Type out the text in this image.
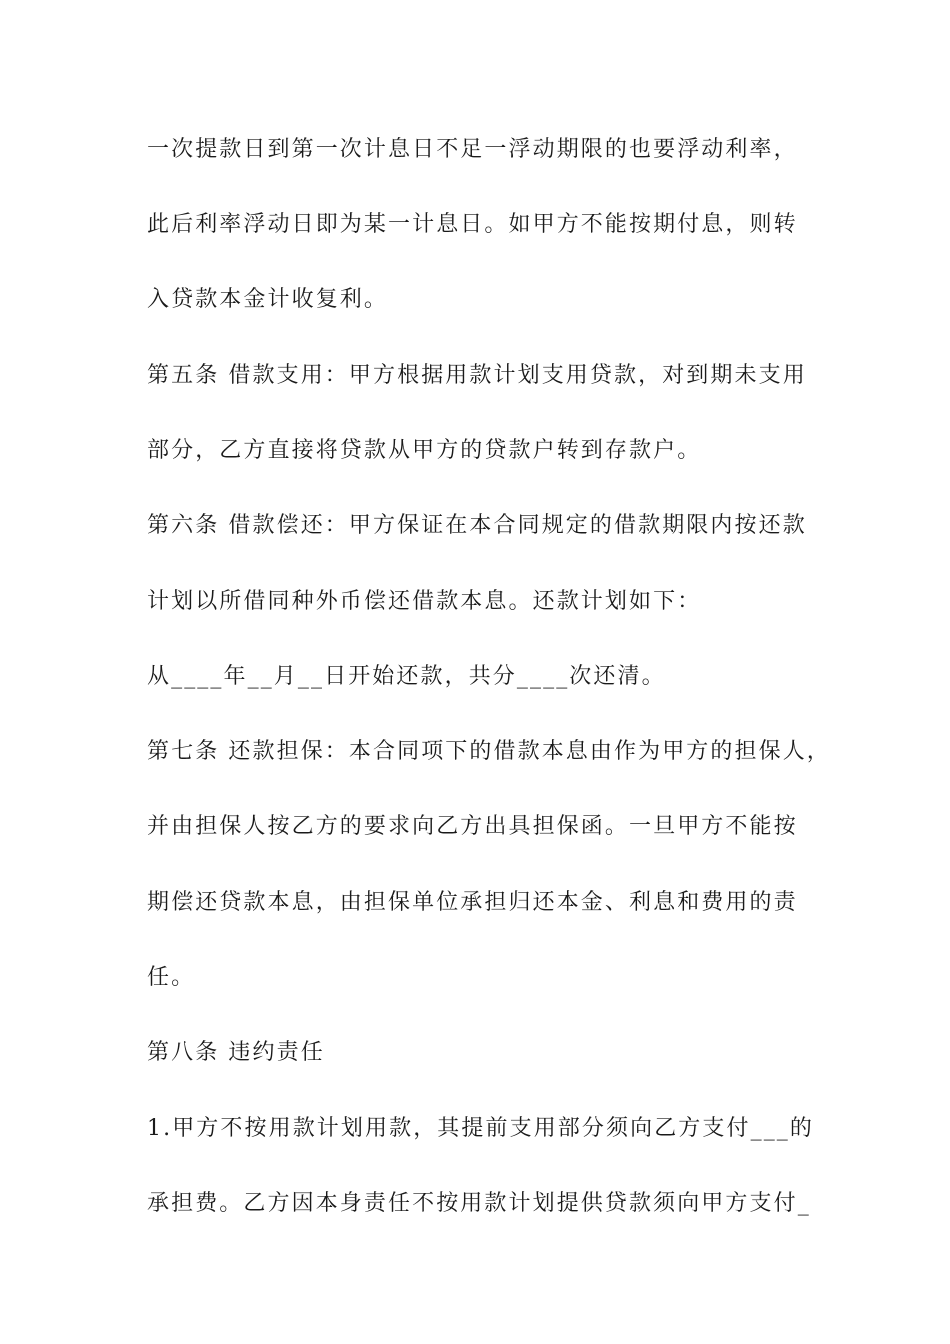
一次提款日到第一次计息日不足一浮动期限的也要浮动利率，
此后利率浮动日即为某一计息日。如甲方不能按期付息，则转
入贷款本金计收复利。
第五条 借款支用：甲方根据用款计划支用贷款，对到期未支用
部分，乙方直接将贷款从甲方的贷款户转到存款户。
第六条 借款偿还：甲方保证在本合同规定的借款期限内按还款
计划以所借同种外币偿还借款本息。还款计划如下：
从____年__月__日开始还款，共分____次还清。
第七条 还款担保：本合同项下的借款本息由作为甲方的担保人，
并由担保人按乙方的要求向乙方出具担保函。一旦甲方不能按
期偿还贷款本息，由担保单位承担归还本金、利息和费用的责
任。
第八条 违约责任
1.甲方不按用款计划用款，其提前支用部分须向乙方支付___的
承担费。乙方因本身责任不按用款计划提供贷款须向甲方支付_
